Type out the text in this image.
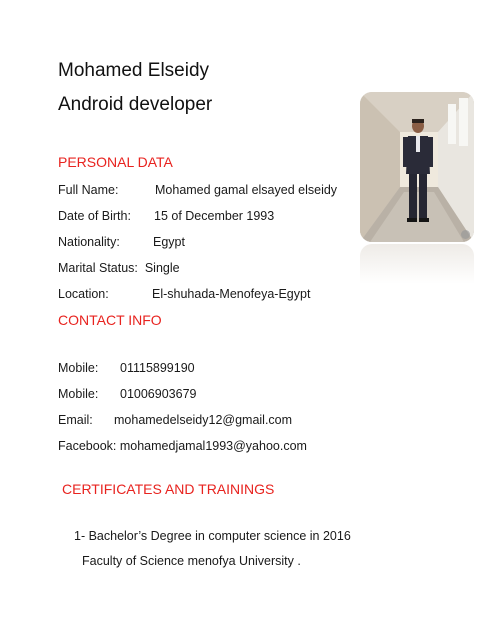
Mohamed Elseidy
Android developer
PERSONAL DATA
Full Name:	Mohamed gamal elsayed elseidy
Date of Birth: 15 of December 1993
Nationality:	Egypt
Marital Status: Single
Location:	El-shuhada-Menofeya-Egypt
CONTACT INFO
Mobile: 01115899190
Mobile: 01006903679
Email: mohamedelseidy12@gmail.com
Facebook: mohamedjamal1993@yahoo.com
CERTIFICATES AND TRAININGS
1- Bachelor’s Degree in computer science in 2016
Faculty of Science menofya University .
